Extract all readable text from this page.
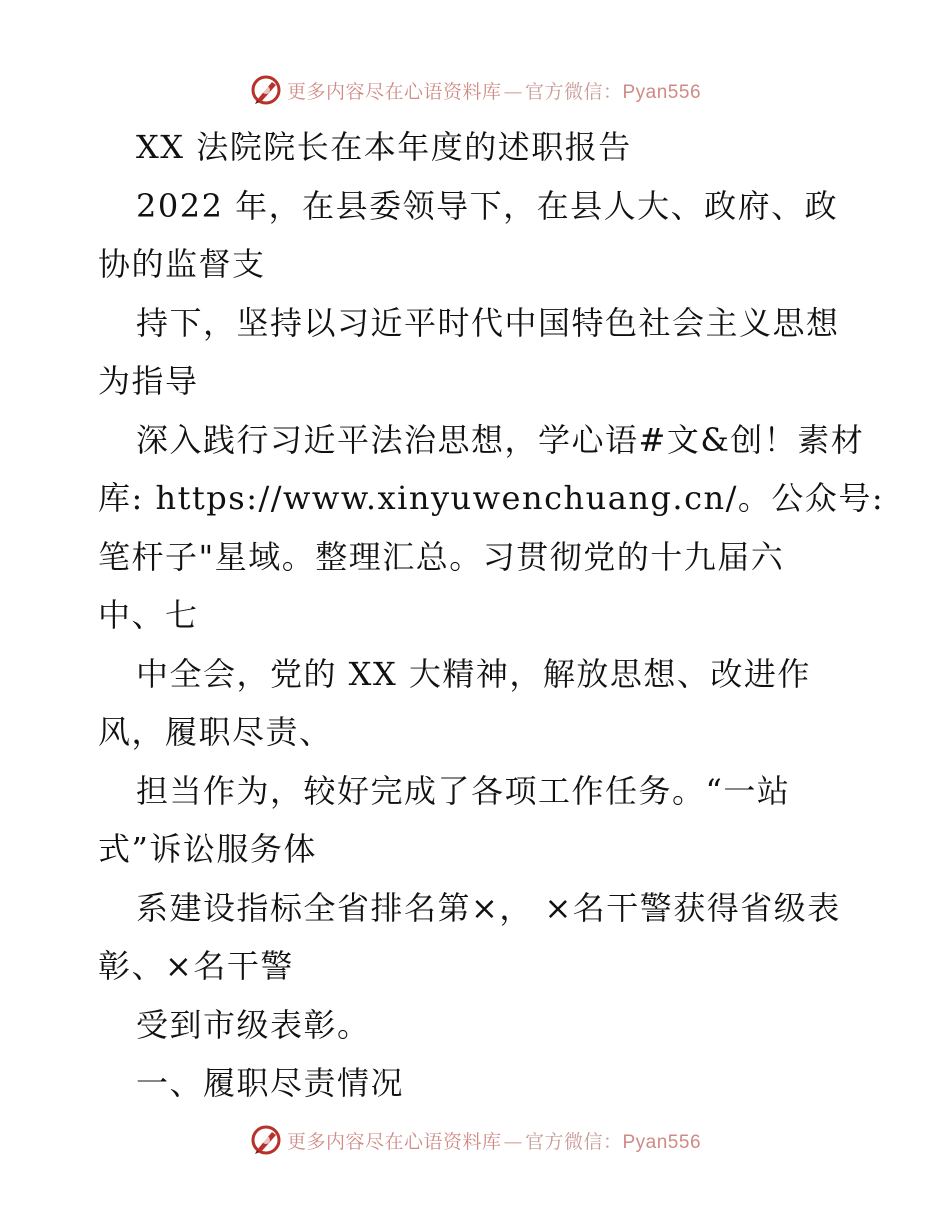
更多内容尽在心语资料库 — 官方微信：Pyan556
XX 法院院长在本年度的述职报告
2022 年，在县委领导下，在县人大、政府、政
协的监督支
持下，坚持以习近平时代中国特色社会主义思想
为指导
深入践行习近平法治思想，学心语#文&创！素材
库: https://www.xinyuwenchuang.cn/。公众号:
笔杆子"星域。整理汇总。习贯彻党的十九届六
中、七
中全会，党的 XX 大精神，解放思想、改进作
风，履职尽责、
担当作为，较好完成了各项工作任务。“一站
式”诉讼服务体
系建设指标全省排名第×， ×名干警获得省级表
彰、×名干警
受到市级表彰。
一、履职尽责情况
更多内容尽在心语资料库 — 官方微信：Pyan556
